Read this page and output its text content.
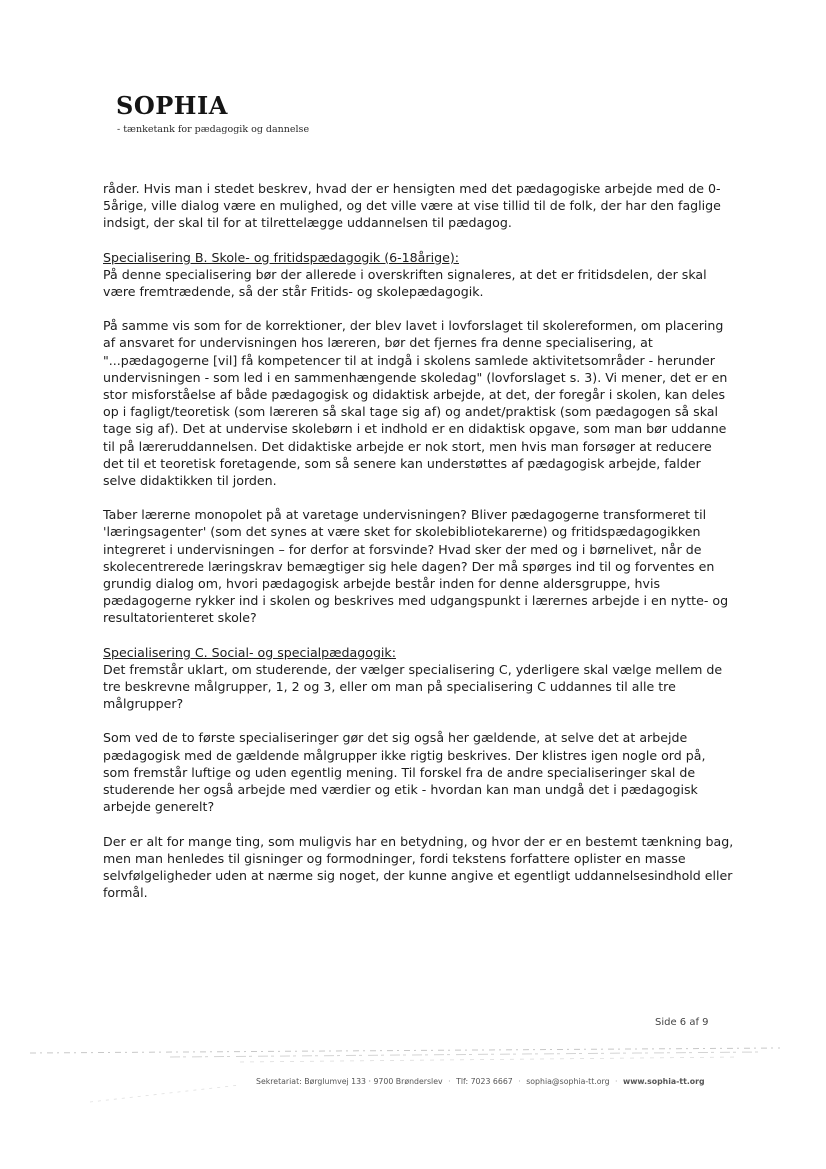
SOPHIA
- tænketank for pædagogik og dannelse

råder. Hvis man i stedet beskrev, hvad der er hensigten med det pædagogiske arbejde med de 0-5årige, ville dialog være en mulighed, og det ville være at vise tillid til de folk, der har den faglige indsigt, der skal til for at tilrettelægge uddannelsen til pædagog.

Specialisering B. Skole- og fritidspædagogik (6-18årige):
På denne specialisering bør der allerede i overskriften signaleres, at det er fritidsdelen, der skal være fremtrædende, så der står Fritids- og skolepædagogik.

På samme vis som for de korrektioner, der blev lavet i lovforslaget til skolereformen, om placering af ansvaret for undervisningen hos læreren, bør det fjernes fra denne specialisering, at "...pædagogerne [vil] få kompetencer til at indgå i skolens samlede aktivitetsområder - herunder undervisningen - som led i en sammenhængende skoledag" (lovforslaget s. 3). Vi mener, det er en stor misforståelse af både pædagogisk og didaktisk arbejde, at det, der foregår i skolen, kan deles op i fagligt/teoretisk (som læreren så skal tage sig af) og andet/praktisk (som pædagogen så skal tage sig af). Det at undervise skolebørn i et indhold er en didaktisk opgave, som man bør uddanne til på læreruddannelsen. Det didaktiske arbejde er nok stort, men hvis man forsøger at reducere det til et teoretisk foretagende, som så senere kan understøttes af pædagogisk arbejde, falder selve didaktikken til jorden.

Taber lærerne monopolet på at varetage undervisningen? Bliver pædagogerne transformeret til 'læringsagenter' (som det synes at være sket for skolebibliotekarerne) og fritidspædagogikken integreret i undervisningen – for derfor at forsvinde? Hvad sker der med og i børnelivet, når de skolecentrerede læringskrav bemægtiger sig hele dagen? Der må spørges ind til og forventes en grundig dialog om, hvori pædagogisk arbejde består inden for denne aldersgruppe, hvis pædagogerne rykker ind i skolen og beskrives med udgangspunkt i lærernes arbejde i en nytte- og resultatorienteret skole?

Specialisering C. Social- og specialpædagogik:
Det fremstår uklart, om studerende, der vælger specialisering C, yderligere skal vælge mellem de tre beskrevne målgrupper, 1, 2 og 3, eller om man på specialisering C uddannes til alle tre målgrupper?

Som ved de to første specialiseringer gør det sig også her gældende, at selve det at arbejde pædagogisk med de gældende målgrupper ikke rigtig beskrives. Der klistres igen nogle ord på, som fremstår luftige og uden egentlig mening. Til forskel fra de andre specialiseringer skal de studerende her også arbejde med værdier og etik - hvordan kan man undgå det i pædagogisk arbejde generelt?

Der er alt for mange ting, som muligvis har en betydning, og hvor der er en bestemt tænkning bag, men man henledes til gisninger og formodninger, fordi tekstens forfattere oplister en masse selvfølgeligheder uden at nærme sig noget, der kunne angive et egentligt uddannelsesindhold eller formål.

Side 6 af 9
Sekretariat: Børglumvej 133 · 9700 Brønderslev · Tlf: 7023 6667 · sophia@sophia-tt.org · www.sophia-tt.org
